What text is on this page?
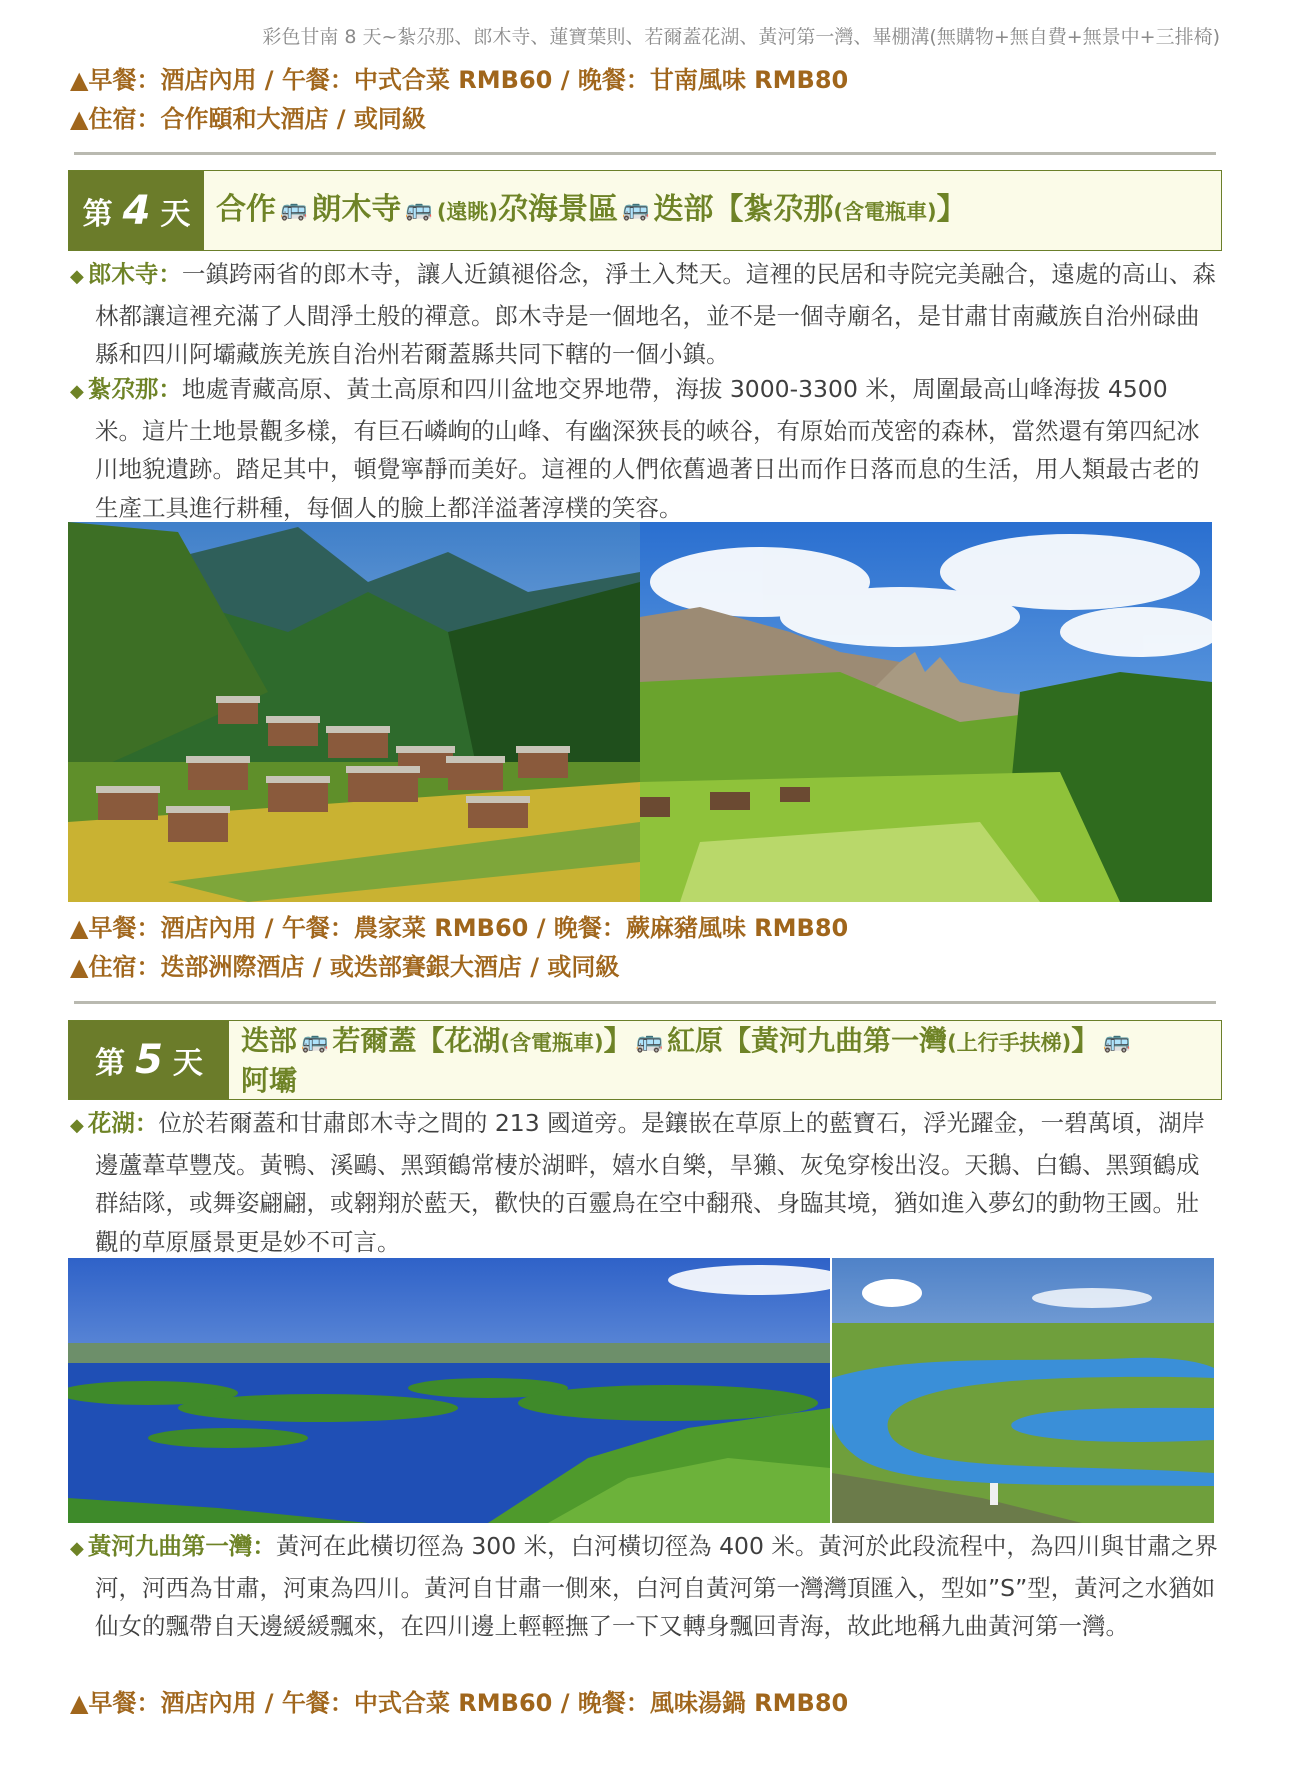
彩色甘南 8 天~紮尕那、郎木寺、蓮寶葉則、若爾蓋花湖、黃河第一灣、畢棚溝(無購物+無自費+無景中+三排椅)
▲早餐：酒店內用 / 午餐：中式合菜 RMB60 / 晚餐：甘南風味 RMB80
▲住宿：合作頤和大酒店 / 或同級
第 4 天 合作 🚌 朗木寺 🚌 (遠眺)尕海景區 🚌 迭部【紮尕那(含電瓶車)】
◆ 郎木寺：一鎮跨兩省的郎木寺，讓人近鎮褪俗念，淨土入梵天。這裡的民居和寺院完美融合，遠處的高山、森林都讓這裡充滿了人間淨土般的禪意。郎木寺是一個地名，並不是一個寺廟名，是甘肅甘南藏族自治州碌曲縣和四川阿壩藏族羌族自治州若爾蓋縣共同下轄的一個小鎮。
◆ 紮尕那：地處青藏高原、黃土高原和四川盆地交界地帶，海拔 3000-3300 米，周圍最高山峰海拔 4500 米。這片土地景觀多樣，有巨石嶙峋的山峰、有幽深狹長的峽谷，有原始而茂密的森林，當然還有第四紀冰川地貌遺跡。踏足其中，頓覺寧靜而美好。這裡的人們依舊過著日出而作日落而息的生活，用人類最古老的生產工具進行耕種，每個人的臉上都洋溢著淳樸的笑容。
▲早餐：酒店內用 / 午餐：農家菜 RMB60 / 晚餐：蕨麻豬風味 RMB80
▲住宿：迭部洲際酒店 / 或迭部賽銀大酒店 / 或同級
第 5 天
迭部 🚌 若爾蓋【花湖(含電瓶車)】 🚌 紅原【黃河九曲第一灣(上行手扶梯)】 🚌
阿壩
◆ 花湖：位於若爾蓋和甘肅郎木寺之間的 213 國道旁。是鑲嵌在草原上的藍寶石，浮光躍金，一碧萬頃，湖岸邊蘆葦草豐茂。黃鴨、溪鷗、黑頸鶴常棲於湖畔，嬉水自樂，旱獺、灰兔穿梭出沒。天鵝、白鶴、黑頸鶴成群結隊，或舞姿翩翩，或翱翔於藍天，歡快的百靈鳥在空中翻飛、身臨其境，猶如進入夢幻的動物王國。壯觀的草原蜃景更是妙不可言。
◆ 黃河九曲第一灣：黃河在此橫切徑為 300 米，白河橫切徑為 400 米。黃河於此段流程中，為四川與甘肅之界河，河西為甘肅，河東為四川。黃河自甘肅一側來，白河自黃河第一灣灣頂匯入，型如”S”型，黃河之水猶如仙女的飄帶自天邊緩緩飄來，在四川邊上輕輕撫了一下又轉身飄回青海，故此地稱九曲黃河第一灣。
▲早餐：酒店內用 / 午餐：中式合菜 RMB60 / 晚餐：風味湯鍋 RMB80
